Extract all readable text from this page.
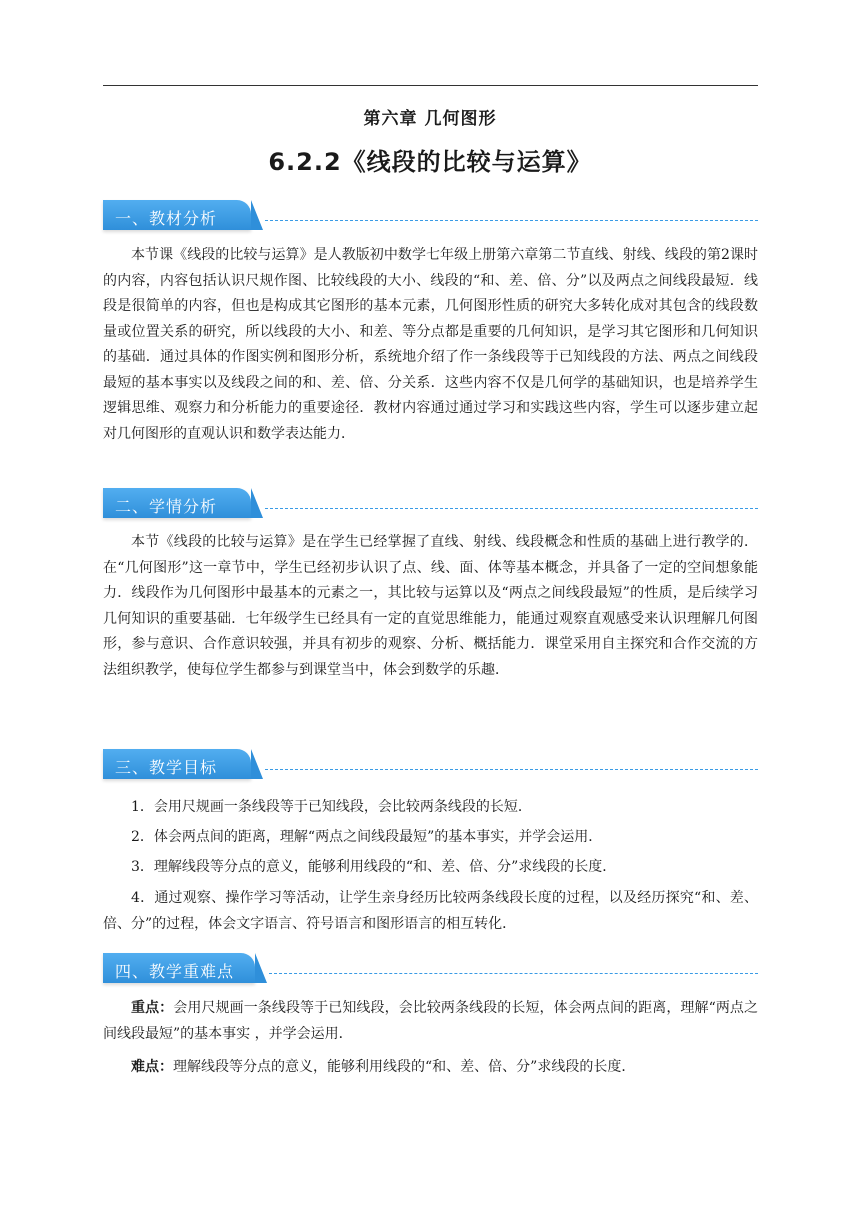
第六章 几何图形
6.2.2《线段的比较与运算》
一、教材分析

本节课《线段的比较与运算》是人教版初中数学七年级上册第六章第二节直线、射线、线段的第2课时的内容，内容包括认识尺规作图、比较线段的大小、线段的“和、差、倍、分”以及两点之间线段最短．线段是很简单的内容，但也是构成其它图形的基本元素，几何图形性质的研究大多转化成对其包含的线段数量或位置关系的研究，所以线段的大小、和差、等分点都是重要的几何知识，是学习其它图形和几何知识的基础．通过具体的作图实例和图形分析，系统地介绍了作一条线段等于已知线段的方法、两点之间线段最短的基本事实以及线段之间的和、差、倍、分关系．这些内容不仅是几何学的基础知识，也是培养学生逻辑思维、观察力和分析能力的重要途径．教材内容通过通过学习和实践这些内容，学生可以逐步建立起对几何图形的直观认识和数学表达能力．

二、学情分析

本节《线段的比较与运算》是在学生已经掌握了直线、射线、线段概念和性质的基础上进行教学的．在“几何图形”这一章节中，学生已经初步认识了点、线、面、体等基本概念，并具备了一定的空间想象能力．线段作为几何图形中最基本的元素之一，其比较与运算以及“两点之间线段最短”的性质，是后续学习几何知识的重要基础．七年级学生已经具有一定的直觉思维能力，能通过观察直观感受来认识理解几何图形，参与意识、合作意识较强，并具有初步的观察、分析、概括能力．课堂采用自主探究和合作交流的方法组织教学，使每位学生都参与到课堂当中，体会到数学的乐趣．

三、教学目标

1．会用尺规画一条线段等于已知线段，会比较两条线段的长短．

2．体会两点间的距离，理解“两点之间线段最短”的基本事实，并学会运用．

3．理解线段等分点的意义，能够利用线段的“和、差、倍、分”求线段的长度．

4．通过观察、操作学习等活动，让学生亲身经历比较两条线段长度的过程，以及经历探究“和、差、倍、分”的过程，体会文字语言、符号语言和图形语言的相互转化．

四、教学重难点

重点：会用尺规画一条线段等于已知线段，会比较两条线段的长短，体会两点间的距离，理解“两点之间线段最短”的基本事实 ，并学会运用．

难点：理解线段等分点的意义，能够利用线段的“和、差、倍、分”求线段的长度．
